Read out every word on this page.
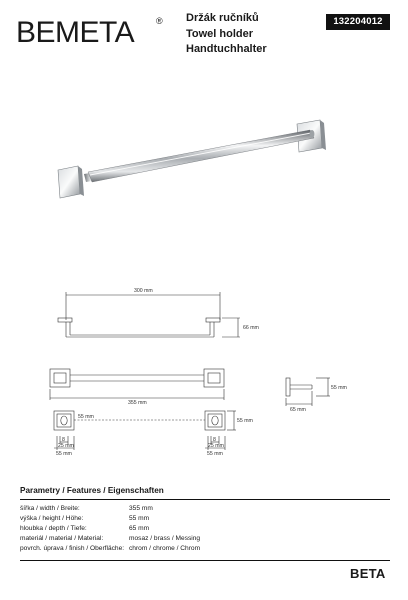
BEMETA ® Držák ručníků
Towel holder
Handtuchhalter
132204012
300 mm
66 mm
355 mm
55 mm
65 mm
55 mm
55 mm
8
25 mm
55 mm
8
25 mm
55 mm
Parametry / Features / Eigenschaften
šířka / width / Breite:	355 mm
výška / height / Höhe:	55 mm
hloubka / depth / Tiefe:	65 mm
materiál / material / Material:	mosaz / brass / Messing
povrch. úprava / finish / Oberfläche: chrom / chrome / Chrom
BETA
